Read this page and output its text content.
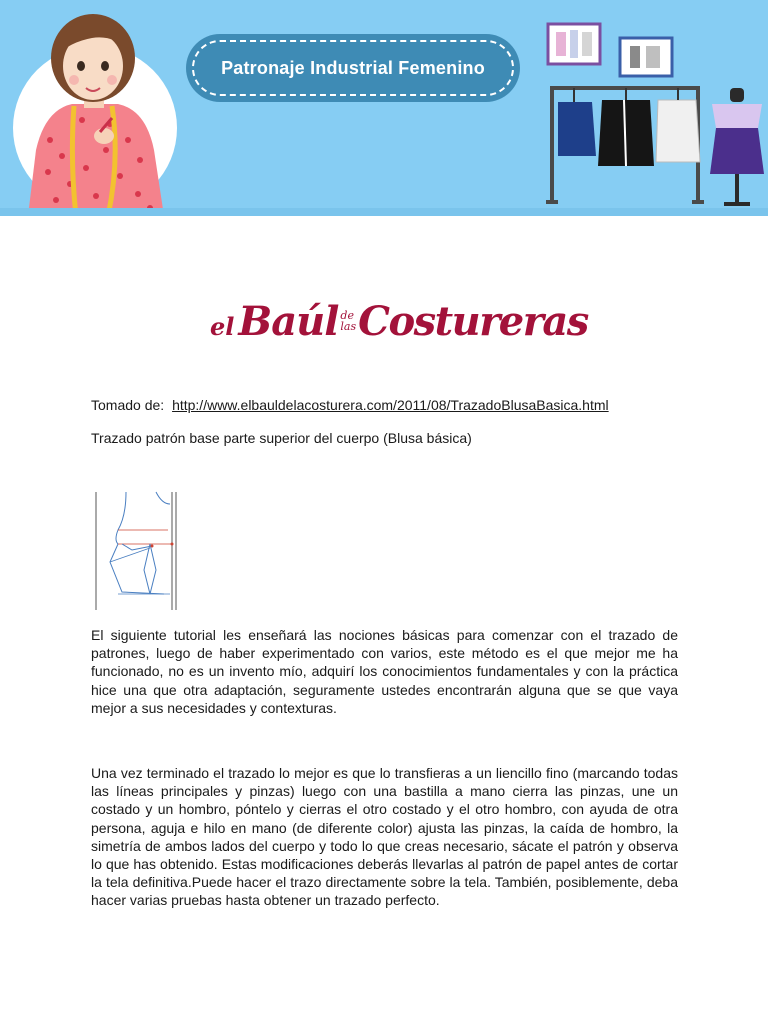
Patronaje Industrial Femenino
el Baúl de
las Costureras
Tomado de: http://www.elbauldelacosturera.com/2011/08/TrazadoBlusaBasica.html
Trazado patrón base parte superior del cuerpo (Blusa básica)

El siguiente tutorial les enseñará las nociones básicas para comenzar con el trazado de patrones, luego de haber experimentado con varios, este método es el que mejor me ha funcionado, no es un invento mío, adquirí los conocimientos fundamentales y con la práctica hice una que otra adaptación, seguramente ustedes encontrarán alguna que se que vaya mejor a sus necesidades y contexturas.

Una vez terminado el trazado lo mejor es que lo transfieras a un liencillo fino (marcando todas las líneas principales y pinzas) luego con una bastilla a mano cierra las pinzas, une un costado y un hombro, póntelo y cierras el otro costado y el otro hombro, con ayuda de otra persona, aguja e hilo en mano (de diferente color) ajusta las pinzas, la caída de hombro, la simetría de ambos lados del cuerpo y todo lo que creas necesario, sácate el patrón y observa lo que has obtenido. Estas modificaciones deberás llevarlas al patrón de papel antes de cortar la tela definitiva.Puede hacer el trazo directamente sobre la tela. También, posiblemente, deba hacer varias pruebas hasta obtener un trazado perfecto.
